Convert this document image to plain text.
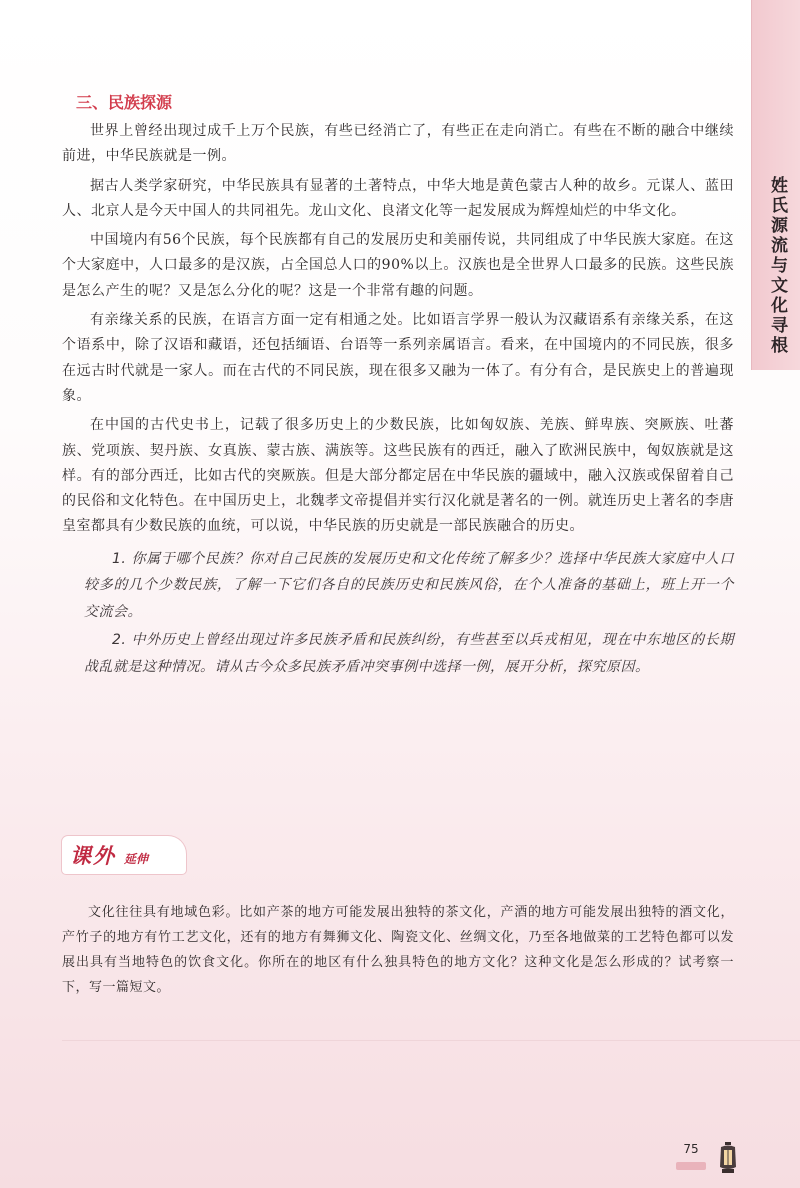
姓氏源流与文化寻根
三、民族探源

世界上曾经出现过成千上万个民族，有些已经消亡了，有些正在走向消亡。有些在不断的融合中继续前进，中华民族就是一例。

据古人类学家研究，中华民族具有显著的土著特点，中华大地是黄色蒙古人种的故乡。元谋人、蓝田人、北京人是今天中国人的共同祖先。龙山文化、良渚文化等一起发展成为辉煌灿烂的中华文化。

中国境内有56个民族，每个民族都有自己的发展历史和美丽传说，共同组成了中华民族大家庭。在这个大家庭中，人口最多的是汉族，占全国总人口的90%以上。汉族也是全世界人口最多的民族。这些民族是怎么产生的呢？又是怎么分化的呢？这是一个非常有趣的问题。

有亲缘关系的民族，在语言方面一定有相通之处。比如语言学界一般认为汉藏语系有亲缘关系，在这个语系中，除了汉语和藏语，还包括缅语、台语等一系列亲属语言。看来，在中国境内的不同民族，很多在远古时代就是一家人。而在古代的不同民族，现在很多又融为一体了。有分有合，是民族史上的普遍现象。

在中国的古代史书上，记载了很多历史上的少数民族，比如匈奴族、羌族、鲜卑族、突厥族、吐蕃族、党项族、契丹族、女真族、蒙古族、满族等。这些民族有的西迁，融入了欧洲民族中，匈奴族就是这样。有的部分西迁，比如古代的突厥族。但是大部分都定居在中华民族的疆域中，融入汉族或保留着自己的民俗和文化特色。在中国历史上，北魏孝文帝提倡并实行汉化就是著名的一例。就连历史上著名的李唐皇室都具有少数民族的血统，可以说，中华民族的历史就是一部民族融合的历史。

1. 你属于哪个民族？你对自己民族的发展历史和文化传统了解多少？选择中华民族大家庭中人口较多的几个少数民族，了解一下它们各自的民族历史和民族风俗，在个人准备的基础上，班上开一个交流会。

2. 中外历史上曾经出现过许多民族矛盾和民族纠纷，有些甚至以兵戎相见，现在中东地区的长期战乱就是这种情况。请从古今众多民族矛盾冲突事例中选择一例，展开分析，探究原因。

课外 延伸

文化往往具有地域色彩。比如产茶的地方可能发展出独特的茶文化，产酒的地方可能发展出独特的酒文化，产竹子的地方有竹工艺文化，还有的地方有舞狮文化、陶瓷文化、丝绸文化，乃至各地做菜的工艺特色都可以发展出具有当地特色的饮食文化。你所在的地区有什么独具特色的地方文化？这种文化是怎么形成的？试考察一下，写一篇短文。

75
